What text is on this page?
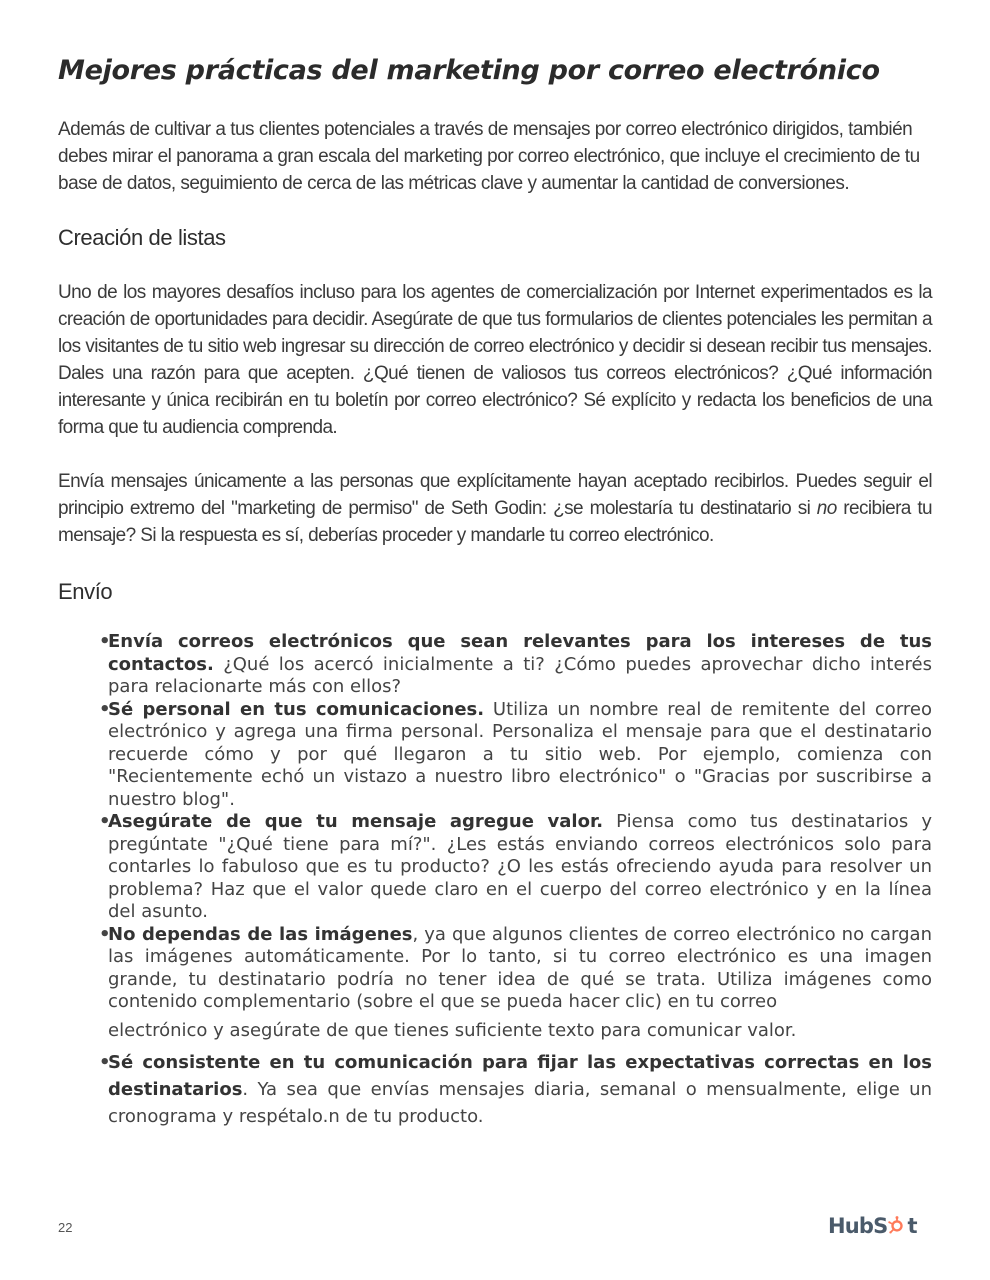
Mejores prácticas del marketing por correo electrónico

Además de cultivar a tus clientes potenciales a través de mensajes por correo electrónico dirigidos, también debes mirar el panorama a gran escala del marketing por correo electrónico, que incluye el crecimiento de tu base de datos, seguimiento de cerca de las métricas clave y aumentar la cantidad de conversiones.

Creación de listas

Uno de los mayores desafíos incluso para los agentes de comercialización por Internet experimentados es la creación de oportunidades para decidir. Asegúrate de que tus formularios de clientes potenciales les permitan a los visitantes de tu sitio web ingresar su dirección de correo electrónico y decidir si desean recibir tus mensajes. Dales una razón para que acepten. ¿Qué tienen de valiosos tus correos electrónicos? ¿Qué información interesante y única recibirán en tu boletín por correo electrónico? Sé explícito y redacta los beneficios de una forma que tu audiencia comprenda.

Envía mensajes únicamente a las personas que explícitamente hayan aceptado recibirlos. Puedes seguir el principio extremo del "marketing de permiso" de Seth Godin: ¿se molestaría tu destinatario si no recibiera tu mensaje? Si la respuesta es sí, deberías proceder y mandarle tu correo electrónico.

Envío
•
Envía correos electrónicos que sean relevantes para los intereses de tus contactos. ¿Qué los acercó inicialmente a ti? ¿Cómo puedes aprovechar dicho interés para relacionarte más con ellos?
•
Sé personal en tus comunicaciones. Utiliza un nombre real de remitente del correo electrónico y agrega una firma personal. Personaliza el mensaje para que el destinatario recuerde cómo y por qué llegaron a tu sitio web. Por ejemplo, comienza con "Recientemente echó un vistazo a nuestro libro electrónico" o "Gracias por suscribirse a nuestro blog".
•
Asegúrate de que tu mensaje agregue valor. Piensa como tus destinatarios y pregúntate "¿Qué tiene para mí?". ¿Les estás enviando correos electrónicos solo para contarles lo fabuloso que es tu producto? ¿O les estás ofreciendo ayuda para resolver un problema? Haz que el valor quede claro en el cuerpo del correo electrónico y en la línea del asunto.
•
No dependas de las imágenes, ya que algunos clientes de correo electrónico no cargan las imágenes automáticamente. Por lo tanto, si tu correo electrónico es una imagen grande, tu destinatario podría no tener idea de qué se trata. Utiliza imágenes como contenido complementario (sobre el que se pueda hacer clic) en tu correo
electrónico y asegúrate de que tienes suficiente texto para comunicar valor.
•
Sé consistente en tu comunicación para fijar las expectativas correctas en los destinatarios. Ya sea que envías mensajes diaria, semanal o mensualmente, elige un cronograma y respétalo.n de tu producto.
22	HubS t
